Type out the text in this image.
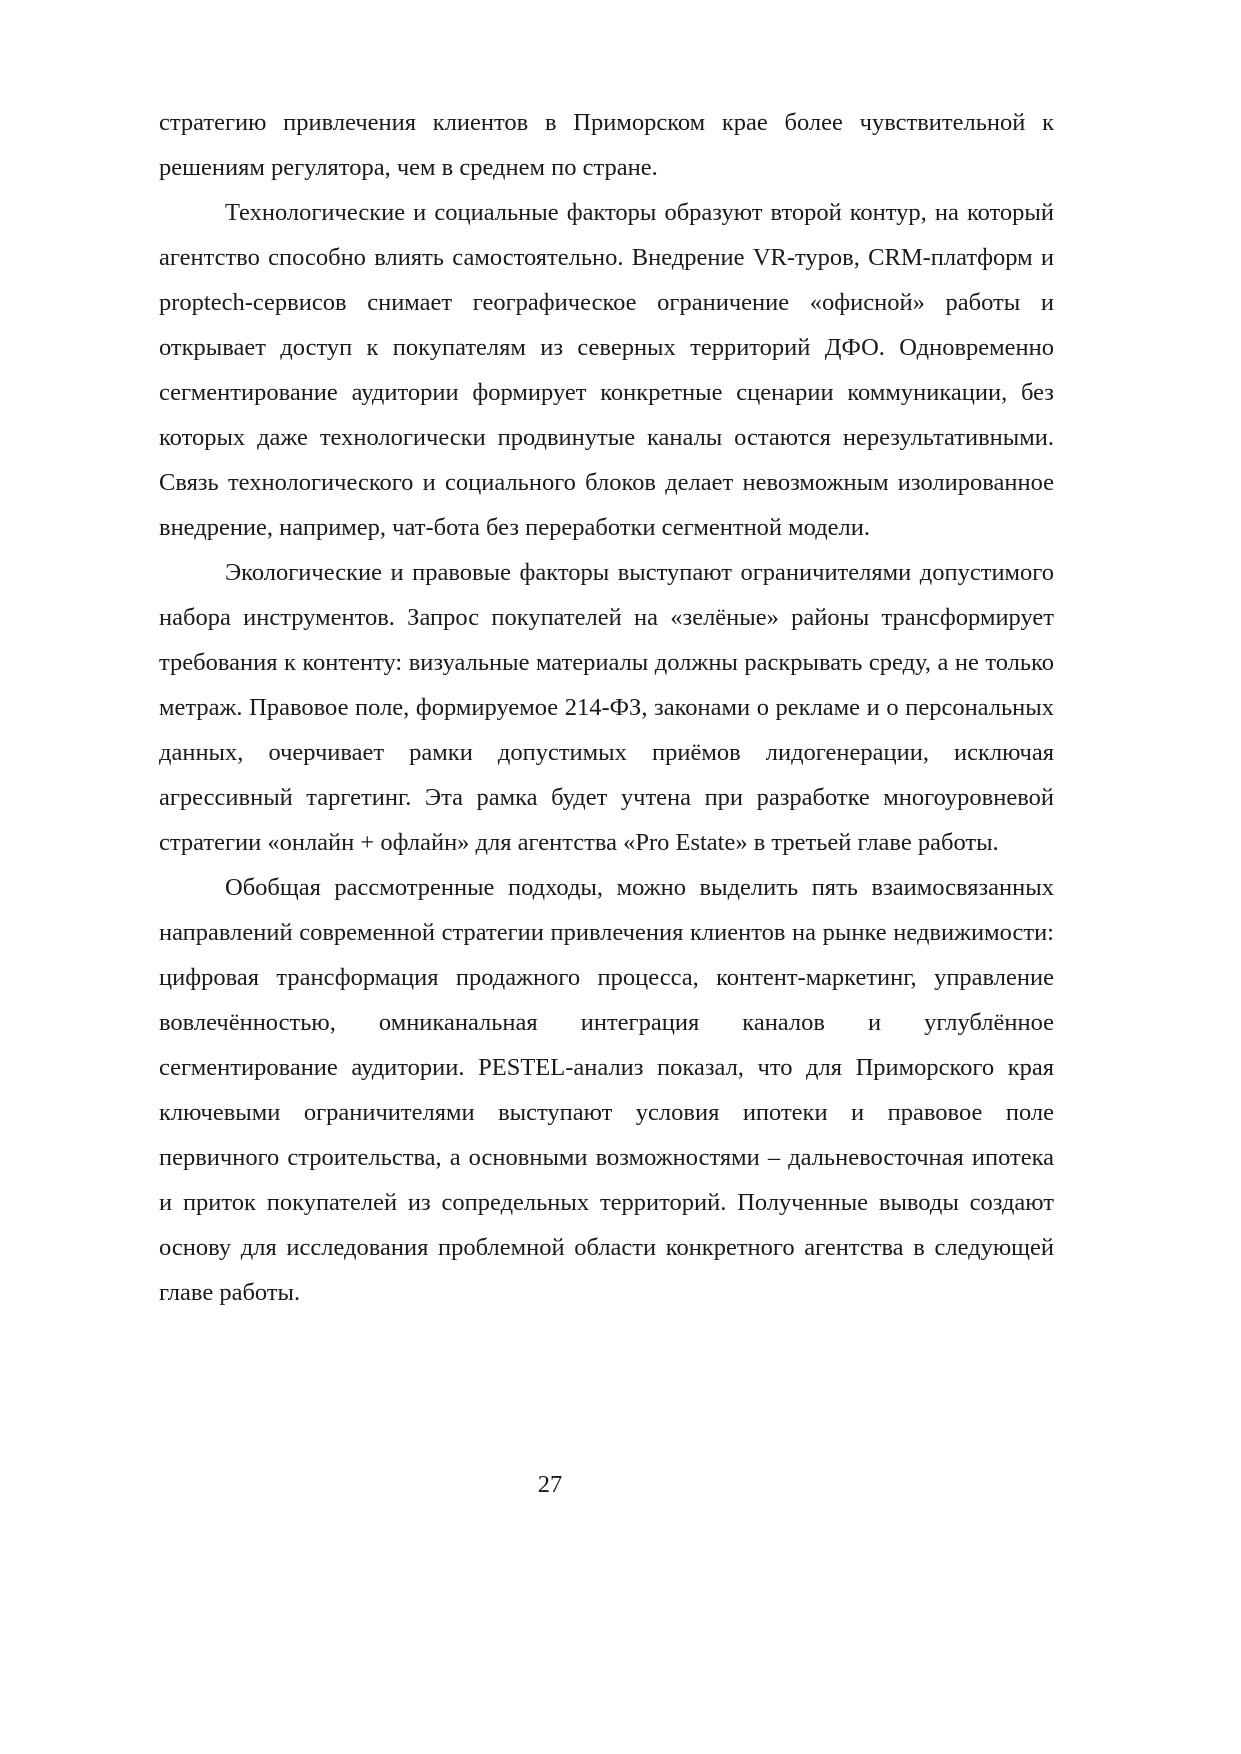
стратегию привлечения клиентов в Приморском крае более чувствительной к решениям регулятора, чем в среднем по стране.

Технологические и социальные факторы образуют второй контур, на который агентство способно влиять самостоятельно. Внедрение VR-туров, CRM-платформ и proptech-сервисов снимает географическое ограничение «офисной» работы и открывает доступ к покупателям из северных территорий ДФО. Одновременно сегментирование аудитории формирует конкретные сценарии коммуникации, без которых даже технологически продвинутые каналы остаются нерезультативными. Связь технологического и социального блоков делает невозможным изолированное внедрение, например, чат-бота без переработки сегментной модели.

Экологические и правовые факторы выступают ограничителями допустимого набора инструментов. Запрос покупателей на «зелёные» районы трансформирует требования к контенту: визуальные материалы должны раскрывать среду, а не только метраж. Правовое поле, формируемое 214-ФЗ, законами о рекламе и о персональных данных, очерчивает рамки допустимых приёмов лидогенерации, исключая агрессивный таргетинг. Эта рамка будет учтена при разработке многоуровневой стратегии «онлайн + офлайн» для агентства «Pro Estate» в третьей главе работы.

Обобщая рассмотренные подходы, можно выделить пять взаимосвязанных направлений современной стратегии привлечения клиентов на рынке недвижимости: цифровая трансформация продажного процесса, контент-маркетинг, управление вовлечённостью, омниканальная интеграция каналов и углублённое сегментирование аудитории. PESTEL-анализ показал, что для Приморского края ключевыми ограничителями выступают условия ипотеки и правовое поле первичного строительства, а основными возможностями – дальневосточная ипотека и приток покупателей из сопредельных территорий. Полученные выводы создают основу для исследования проблемной области конкретного агентства в следующей главе работы.

27
